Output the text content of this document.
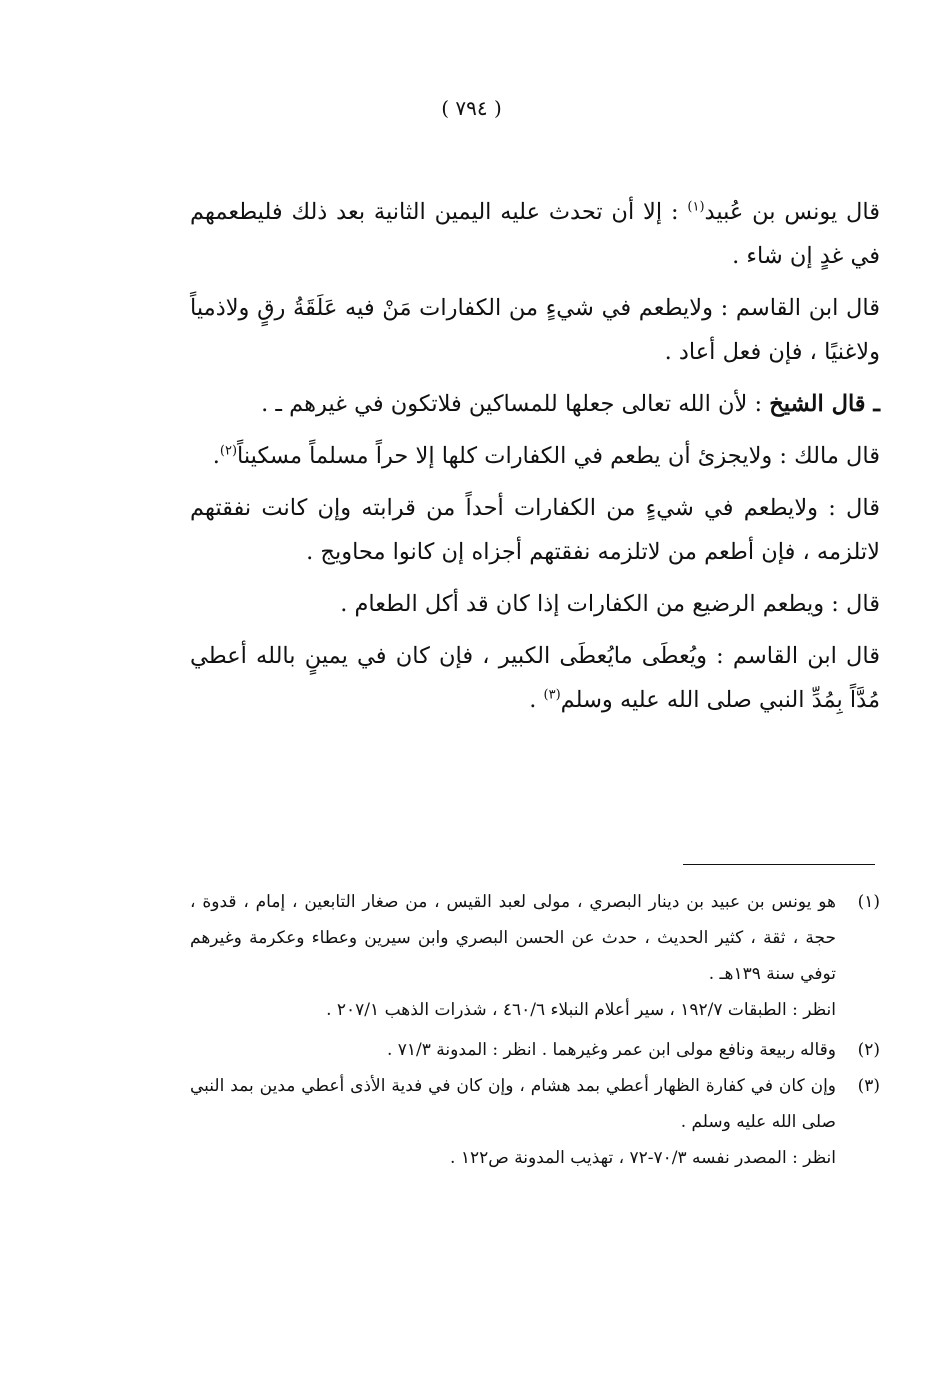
( ٧٩٤ )

قال يونس بن عُبيد$^{(١)}$ : إلا أن تحدث عليه اليمين الثانية بعد ذلك فليطعمهم في غدٍ إن شاء .

قال ابن القاسم : ولايطعم في شيءٍ من الكفارات مَنْ فيه عَلَقَةُ رقٍ ولاذمياً ولاغنيًا ، فإن فعل أعاد .

ـ قال الشيخ : لأن الله تعالى جعلها للمساكين فلاتكون في غيرهم ـ .

قال مالك : ولايجزئ أن يطعم في الكفارات كلها إلا حراً مسلماً مسكيناً$^{(٢)}$.

قال : ولايطعم في شيءٍ من الكفارات أحداً من قرابته وإن كانت نفقتهم لاتلزمه ، فإن أطعم من لاتلزمه نفقتهم أجزاه إن كانوا محاويج .

قال : ويطعم الرضيع من الكفارات إذا كان قد أكل الطعام .

قال ابن القاسم : ويُعطَى مايُعطَى الكبير ، فإن كان في يمينٍ بالله أعطي مُدَّاً بِمُدِّ النبي صلى الله عليه وسلم$^{(٣)}$ .

(١)
هو يونس بن عبيد بن دينار البصري ، مولى لعبد القيس ، من صغار التابعين ، إمام ، قدوة ، حجة ، ثقة ، كثير الحديث ، حدث عن الحسن البصري وابن سيرين وعطاء وعكرمة وغيرهم توفي سنة ١٣٩هـ .
انظر : الطبقات ١٩٢/٧ ، سير أعلام النبلاء ٤٦٠/٦ ، شذرات الذهب ٢٠٧/١ .
(٢)
وقاله ربيعة ونافع مولى ابن عمر وغيرهما . انظر : المدونة ٧١/٣ .
(٣)
وإن كان في كفارة الظهار أعطي بمد هشام ، وإن كان في فدية الأذى أعطي مدين بمد النبي صلى الله عليه وسلم .
انظر : المصدر نفسه ٧٠/٣-٧٢ ، تهذيب المدونة ص١٢٢ .
